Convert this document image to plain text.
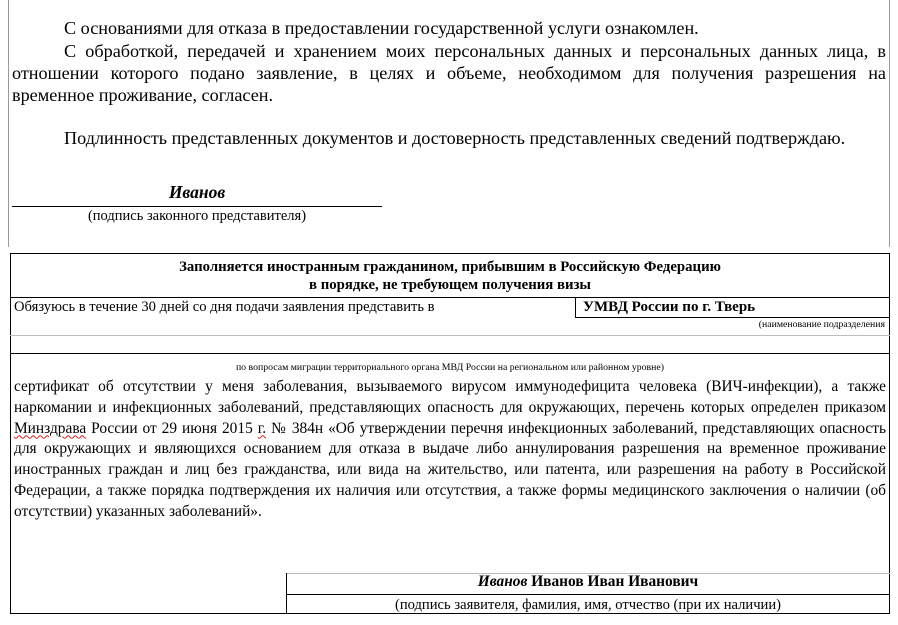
С основаниями для отказа в предоставлении государственной услуги ознакомлен.
С обработкой, передачей и хранением моих персональных данных и персональных данных лица, в отношении которого подано заявление, в целях и объеме, необходимом для получения разрешения на временное проживание, согласен.
Подлинность представленных документов и достоверность представленных сведений подтверждаю.
Иванов
(подпись законного представителя)
Заполняется иностранным гражданином, прибывшим в Российскую Федерацию
в порядке, не требующем получения визы
Обязуюсь в течение 30 дней со дня подачи заявления представить в	УМВД России по г. Тверь
(наименование подразделения
по вопросам миграции территориального органа МВД России на региональном или районном уровне)
сертификат об отсутствии у меня заболевания, вызываемого вирусом иммунодефицита человека (ВИЧ-инфекции), а также наркомании и инфекционных заболеваний, представляющих опасность для окружающих, перечень которых определен приказом Минздрава России от 29 июня 2015 г. № 384н «Об утверждении перечня инфекционных заболеваний, представляющих опасность для окружающих и являющихся основанием для отказа в выдаче либо аннулирования разрешения на временное проживание иностранных граждан и лиц без гражданства, или вида на жительство, или патента, или разрешения на работу в Российской Федерации, а также порядка подтверждения их наличия или отсутствия, а также формы медицинского заключения о наличии (об отсутствии) указанных заболеваний».
Иванов Иванов Иван Иванович
(подпись заявителя, фамилия, имя, отчество (при их наличии)
